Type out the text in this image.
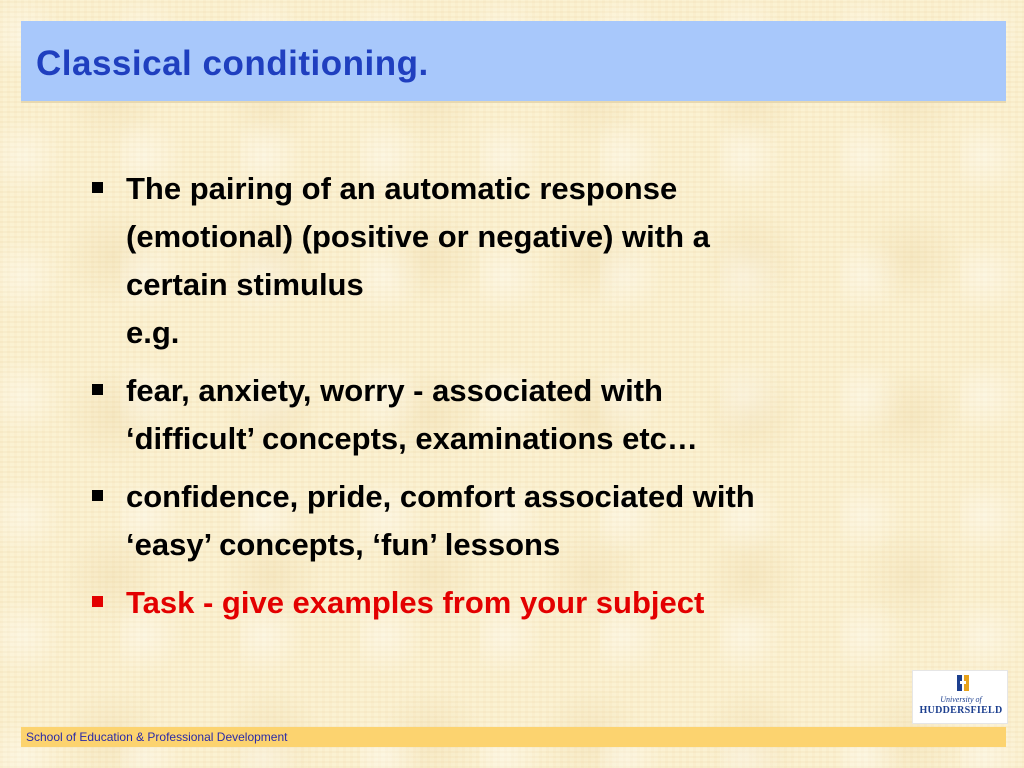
Classical conditioning.
The pairing of an automatic response
(emotional) (positive or negative) with a
certain stimulus
e.g.
fear, anxiety, worry - associated with
‘difficult’ concepts, examinations etc…
confidence, pride, comfort associated with
‘easy’ concepts, ‘fun’ lessons
Task - give examples from your subject
University of
HUDDERSFIELD
School of Education & Professional Development
